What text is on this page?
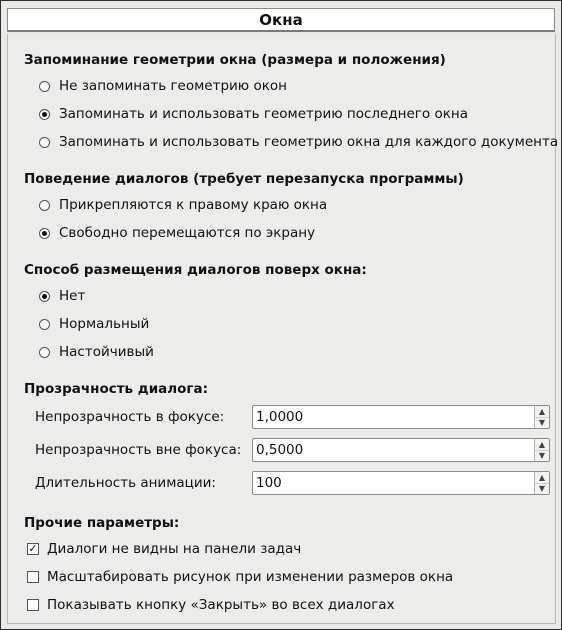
Окна
Запоминание геометрии окна (размера и положения)
Не запоминать геометрию окон
Запоминать и использовать геометрию последнего окна
Запоминать и использовать геометрию окна для каждого документа
Поведение диалогов (требует перезапуска программы)
Прикрепляются к правому краю окна
Свободно перемещаются по экрану
Способ размещения диалогов поверх окна:
Нет
Нормальный
Настойчивый
Прозрачность диалога:
Непрозрачность в фокусе: 1,0000	▲
▼
Непрозрачность вне фокуса: 0,5000	▲
▼
Длительность анимации:	100	▲
▼
Прочие параметры:
✓ Диалоги не видны на панели задач
Масштабировать рисунок при изменении размеров окна
Показывать кнопку «Закрыть» во всех диалогах
